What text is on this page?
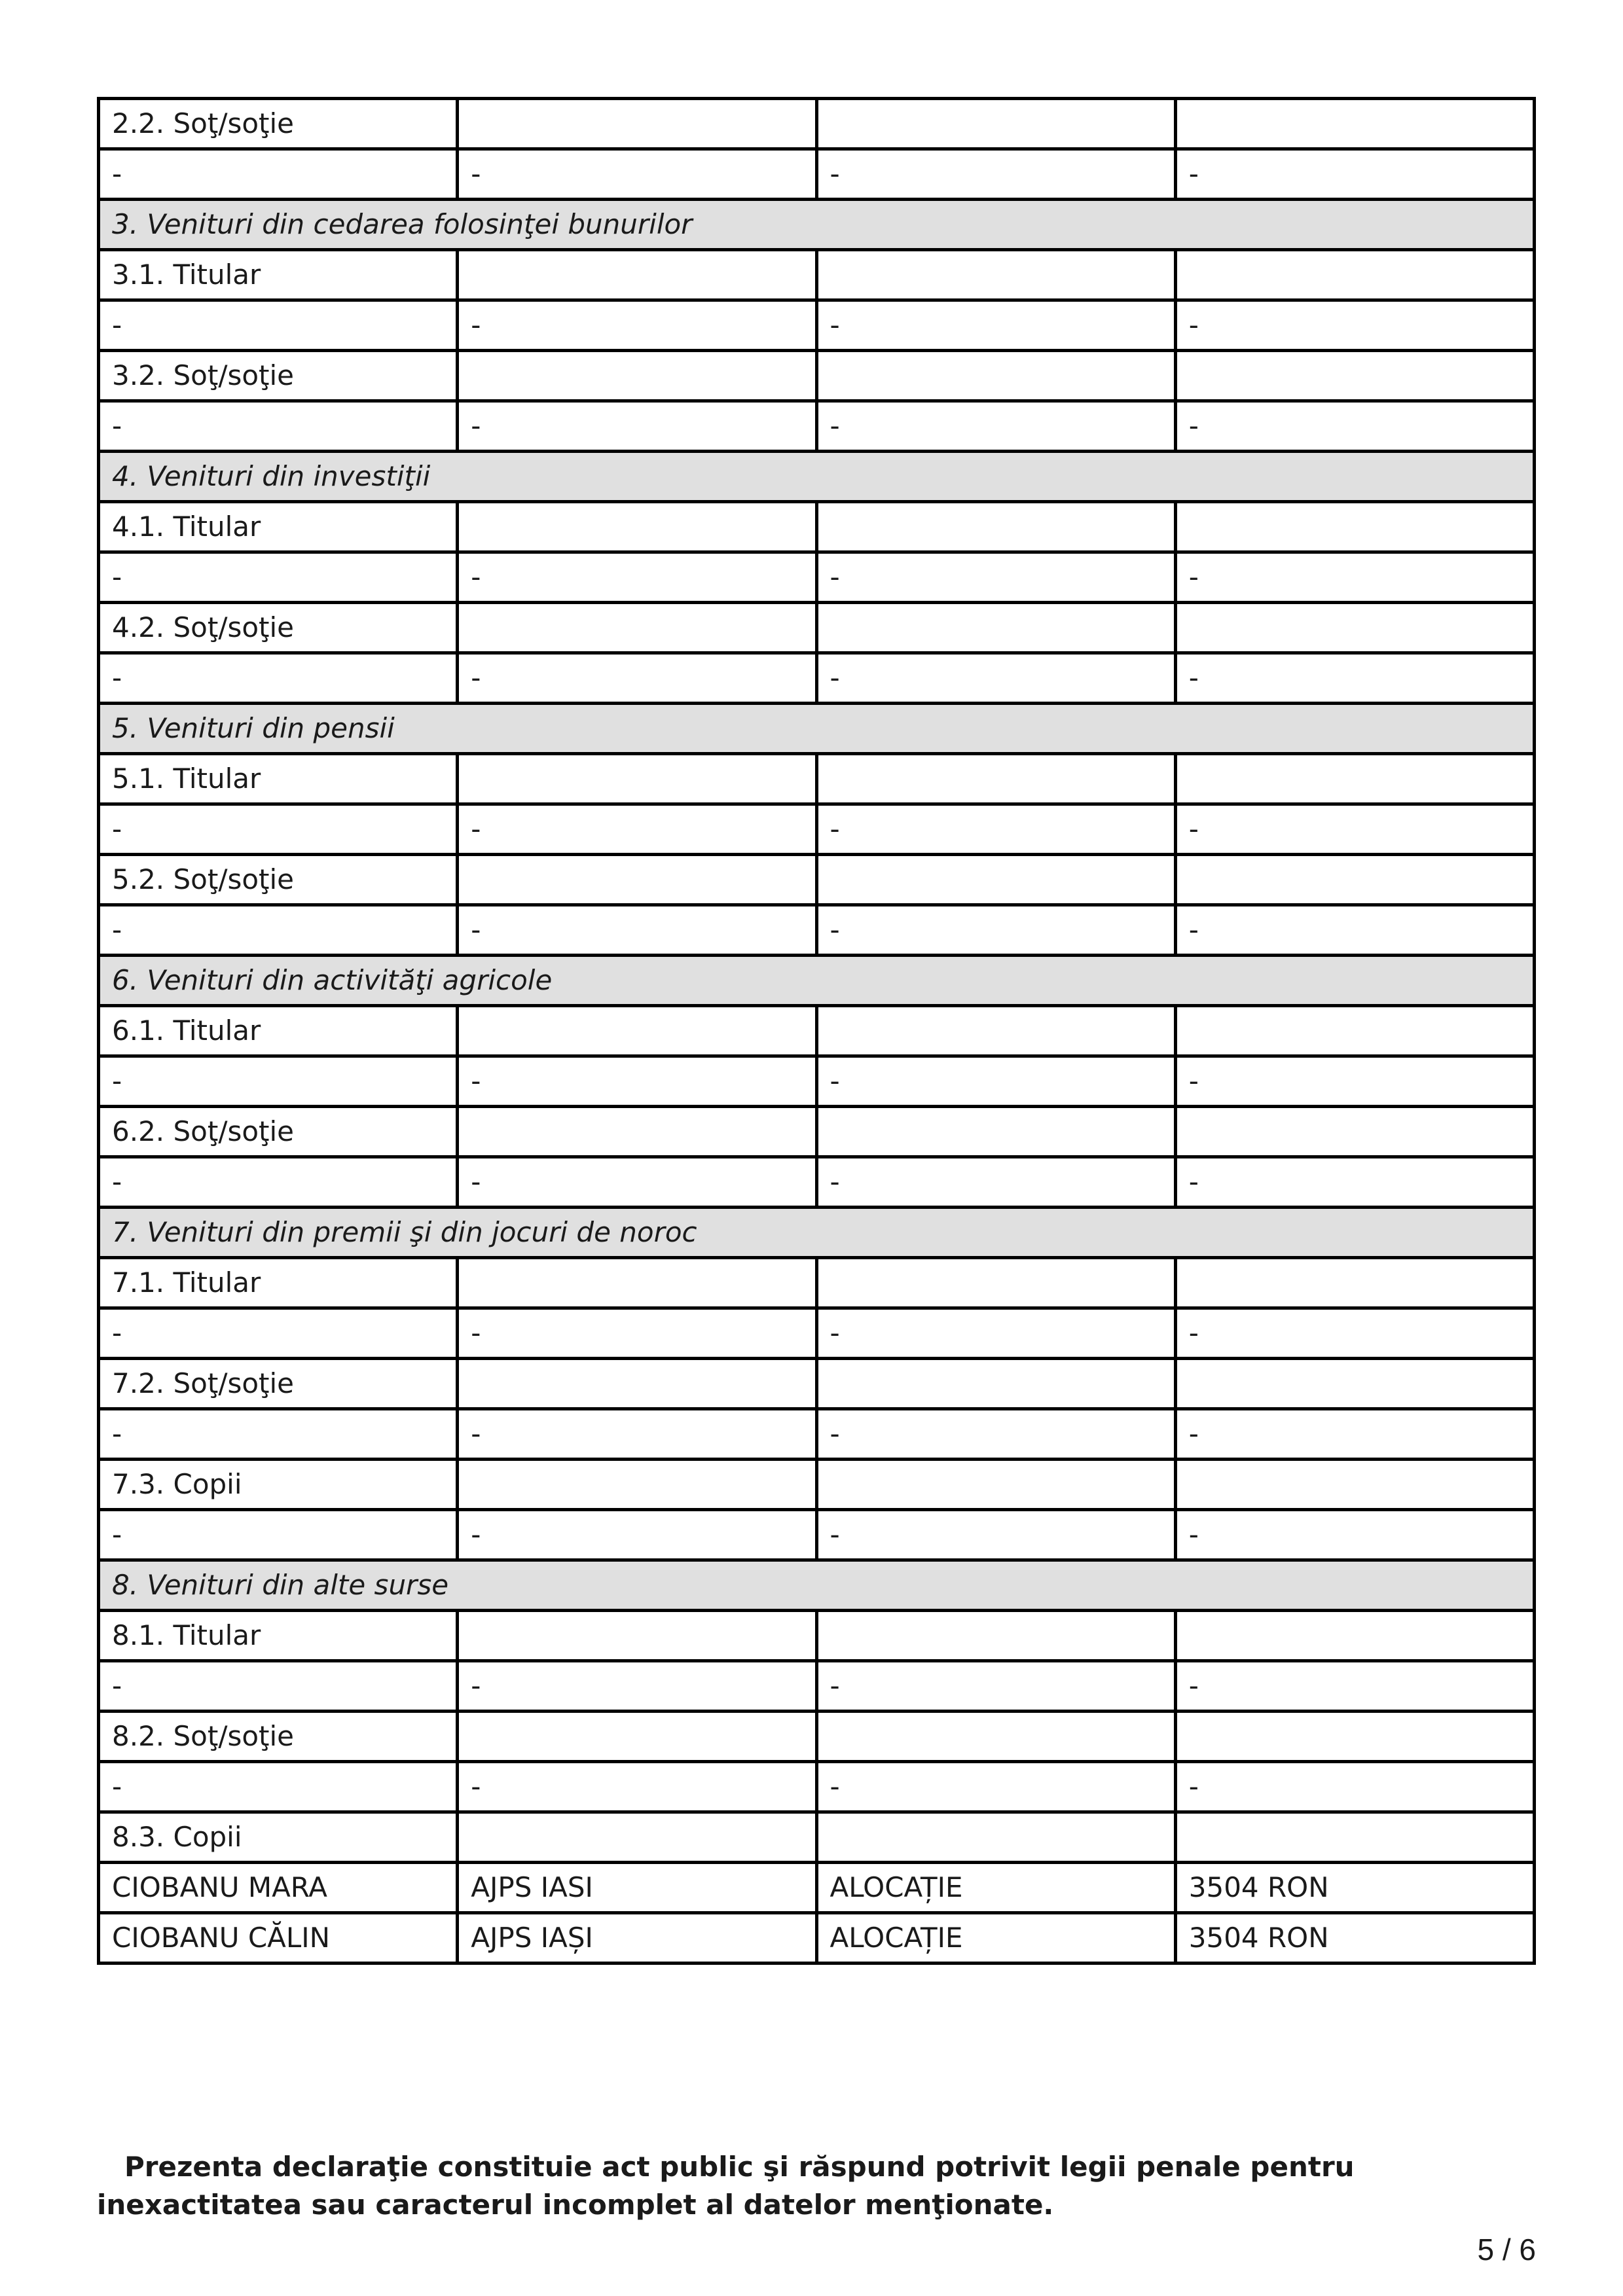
2.2. Soţ/soţie			
-	-	-	-
3. Venituri din cedarea folosinţei bunurilor			
3.1. Titular			
-	-	-	-
3.2. Soţ/soţie			
-	-	-	-
4. Venituri din investiţii			
4.1. Titular			
-	-	-	-
4.2. Soţ/soţie			
-	-	-	-
5. Venituri din pensii			
5.1. Titular			
-	-	-	-
5.2. Soţ/soţie			
-	-	-	-
6. Venituri din activităţi agricole			
6.1. Titular			
-	-	-	-
6.2. Soţ/soţie			
-	-	-	-
7. Venituri din premii şi din jocuri de noroc			
7.1. Titular			
-	-	-	-
7.2. Soţ/soţie			
-	-	-	-
7.3. Copii			
-	-	-	-
8. Venituri din alte surse			
8.1. Titular			
-	-	-	-
8.2. Soţ/soţie			
-	-	-	-
8.3. Copii			
CIOBANU MARA	AJPS IASI	ALOCAȚIE	3504 RON
CIOBANU CĂLIN	AJPS IAȘI	ALOCAȚIE	3504 RON

Prezenta declaraţie constituie act public şi răspund potrivit legii penale pentru inexactitatea sau caracterul incomplet al datelor menţionate.

5 / 6
